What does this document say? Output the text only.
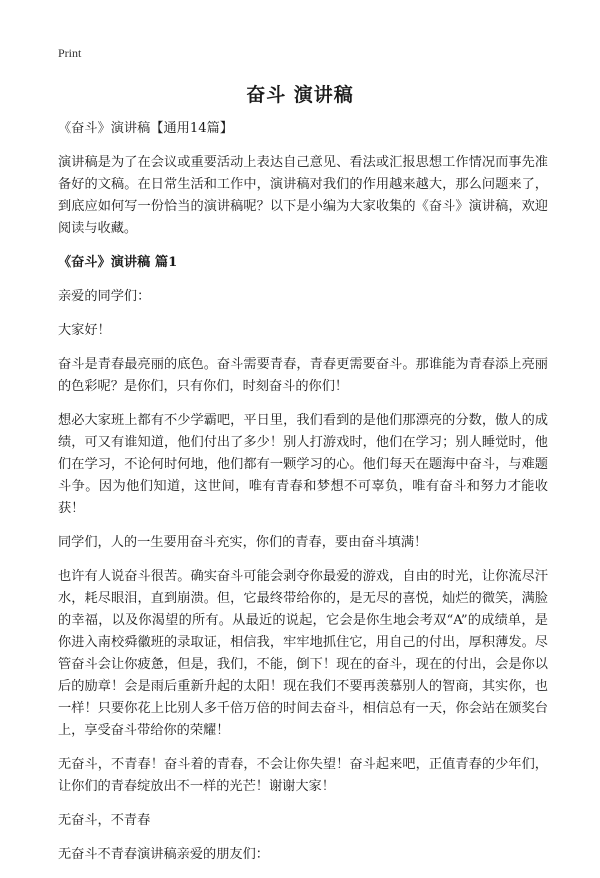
Print
奋斗 演讲稿

《奋斗》演讲稿【通用14篇】

演讲稿是为了在会议或重要活动上表达自己意见、看法或汇报思想工作情况而事先准备好的文稿。在日常生活和工作中，演讲稿对我们的作用越来越大，那么问题来了，到底应如何写一份恰当的演讲稿呢？以下是小编为大家收集的《奋斗》演讲稿，欢迎阅读与收藏。

《奋斗》演讲稿 篇1

亲爱的同学们：

大家好！

奋斗是青春最亮丽的底色。奋斗需要青春，青春更需要奋斗。那谁能为青春添上亮丽的色彩呢？是你们，只有你们，时刻奋斗的你们！

想必大家班上都有不少学霸吧，平日里，我们看到的是他们那漂亮的分数，傲人的成绩，可又有谁知道，他们付出了多少！别人打游戏时，他们在学习；别人睡觉时，他们在学习，不论何时何地，他们都有一颗学习的心。他们每天在题海中奋斗，与难题斗争。因为他们知道，这世间，唯有青春和梦想不可辜负，唯有奋斗和努力才能收获！

同学们，人的一生要用奋斗充实，你们的青春，要由奋斗填满！

也许有人说奋斗很苦。确实奋斗可能会剥夺你最爱的游戏，自由的时光，让你流尽汗水，耗尽眼泪，直到崩溃。但，它最终带给你的，是无尽的喜悦，灿烂的微笑，满脸的幸福，以及你渴望的所有。从最近的说起，它会是你生地会考双“A”的成绩单，是你进入南校舜徽班的录取证，相信我，牢牢地抓住它，用自己的付出，厚积薄发。尽管奋斗会让你疲惫，但是，我们，不能，倒下！现在的奋斗，现在的付出，会是你以后的励章！会是雨后重新升起的太阳！现在我们不要再羡慕别人的智商，其实你，也一样！只要你花上比别人多千倍万倍的时间去奋斗，相信总有一天，你会站在颁奖台上，享受奋斗带给你的荣耀！

无奋斗，不青春！奋斗着的青春，不会让你失望！奋斗起来吧，正值青春的少年们，让你们的青春绽放出不一样的光芒！谢谢大家！

无奋斗，不青春

无奋斗不青春演讲稿亲爱的朋友们：
